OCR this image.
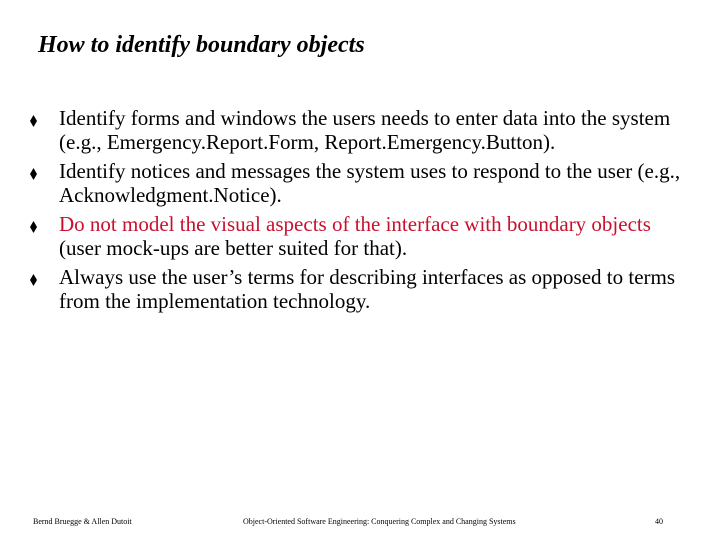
How to identify boundary objects
Identify forms and windows the users needs to enter data into the system (e.g., Emergency.Report.Form, Report.Emergency.Button).
Identify notices and messages the system uses to respond to the user (e.g., Acknowledgment.Notice).
Do not model the visual aspects of the interface with boundary objects (user mock-ups are better suited for that).
Always use the user’s terms for describing interfaces as opposed to terms from the implementation technology.
Bernd Bruegge & Allen Dutoit	Object-Oriented Software Engineering: Conquering Complex and Changing Systems	40
